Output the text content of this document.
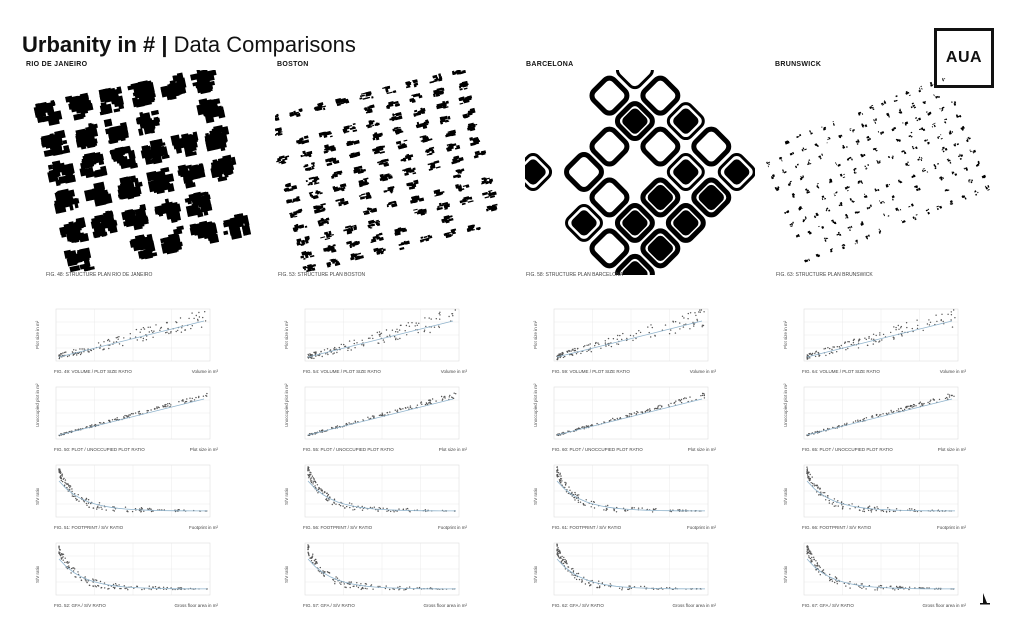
Urbanity in # | Data Comparisons
AUA
RIO DE JANEIRO	BOSTON	BARCELONA	BRUNSWICK
FIG. 48: STRUCTURE PLAN RIO DE JANEIRO	FIG. 53: STRUCTURE PLAN BOSTON	FIG. 58: STRUCTURE PLAN BARCELONA	FIG. 63: STRUCTURE PLAN BRUNSWICK
Plot size in m²
FIG. 49: VOLUME / PLOT SIZE RATIO	Volume in m³
Unoccupied plot in m²
FIG. 50: PLOT / UNOCCUPIED PLOT RATIO	Plot size in m²
S/V ratio
FIG. 51: FOOTPRINT / S/V RATIO	Footprint in m²
S/V ratio
FIG. 52: GFA / S/V RATIO	Gross floor area in m²
Plot size in m²
FIG. 54: VOLUME / PLOT SIZE RATIO	Volume in m³
Unoccupied plot in m²
FIG. 55: PLOT / UNOCCUPIED PLOT RATIO	Plot size in m²
S/V ratio
FIG. 56: FOOTPRINT / S/V RATIO	Footprint in m²
S/V ratio
FIG. 57: GFA / S/V RATIO	Gross floor area in m²
Plot size in m²
FIG. 59: VOLUME / PLOT SIZE RATIO	Volume in m³
Unoccupied plot in m²
FIG. 60: PLOT / UNOCCUPIED PLOT RATIO	Plot size in m²
S/V ratio
FIG. 61: FOOTPRINT / S/V RATIO	Footprint in m²
S/V ratio
FIG. 62: GFA / S/V RATIO	Gross floor area in m²
Plot size in m²
FIG. 64: VOLUME / PLOT SIZE RATIO	Volume in m³
Unoccupied plot in m²
FIG. 65: PLOT / UNOCCUPIED PLOT RATIO	Plot size in m²
S/V ratio
FIG. 66: FOOTPRINT / S/V RATIO	Footprint in m²
S/V ratio
FIG. 67: GFA / S/V RATIO	Gross floor area in m²
